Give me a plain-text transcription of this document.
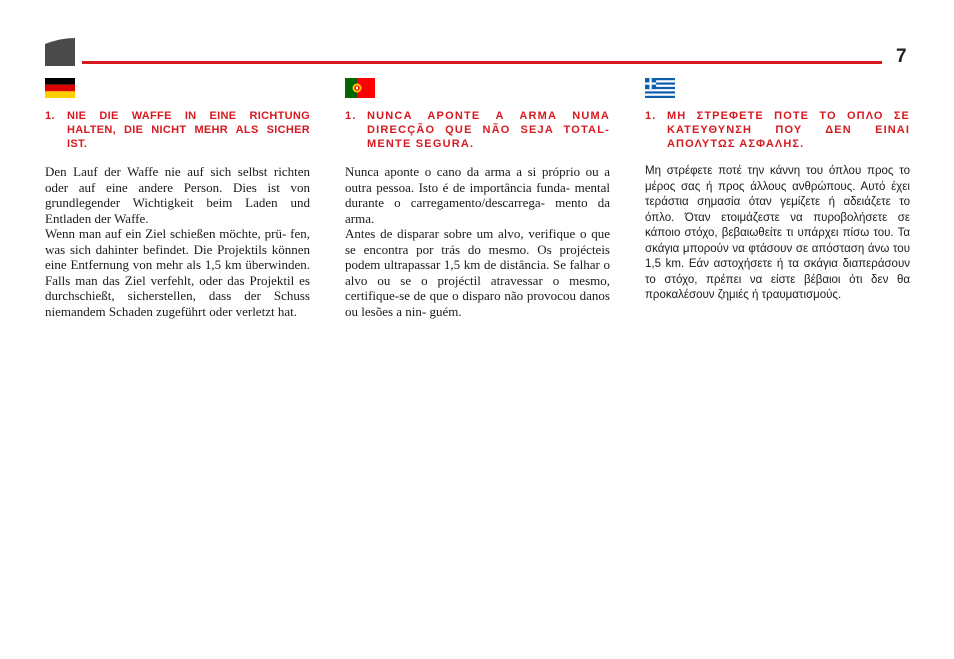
7
1.	NIE DIE WAFFE IN EINE RICHTUNG HALTEN, DIE NICHT MEHR ALS SICHER IST.

Den Lauf der Waffe nie auf sich selbst richten oder auf eine andere Person. Dies ist von grundlegender Wichtigkeit beim Laden und Entladen der Waffe.
Wenn man auf ein Ziel schießen möchte, prü- fen, was sich dahinter befindet. Die Projektils können eine Entfernung von mehr als 1,5 km überwinden. Falls man das Ziel verfehlt, oder das Projektil es durchschießt, sicherstellen, dass der Schuss niemandem Schaden zugeführt oder verletzt hat.

1. NUNCA APONTE A ARMA NUMA DIRECÇÃO QUE NÃO SEJA TOTAL- MENTE SEGURA.

Nunca aponte o cano da arma a si próprio ou a outra pessoa. Isto é de importância funda- mental durante o carregamento/descarrega- mento da arma.
Antes de disparar sobre um alvo, verifique o que se encontra por trás do mesmo. Os projécteis podem ultrapassar 1,5 km de distância. Se falhar o alvo ou se o projéctil atravessar o mesmo, certifique-se de que o disparo não provocou danos ou lesões a nin- guém.

1. ΜΗ ΣΤΡΕΦΕΤΕ ΠΟΤΕ ΤΟ ΟΠΛΟ ΣΕ ΚΑΤΕΥΘΥΝΣΗ ΠΟΥ ΔΕΝ ΕΙΝΑΙ ΑΠΟΛΥΤΩΣ ΑΣΦΑΛΗΣ.

Μη στρέφετε ποτέ την κάννη του όπλου προς το μέρος σας ή προς άλλους ανθρώπους. Αυτό έχει τεράστια σημασία όταν γεμίζετε ή αδειάζετε το όπλο. Όταν ετοιμάζεστε να πυροβολήσετε σε κάποιο στόχο, βεβαιωθείτε τι υπάρχει πίσω του. Τα σκάγια μπορούν να φτάσουν σε απόσταση άνω του 1,5 km. Εάν αστοχήσετε ή τα σκάγια διαπεράσουν το στόχο, πρέπει να είστε βέβαιοι ότι δεν θα προκαλέσουν ζημιές ή τραυματισμούς.
